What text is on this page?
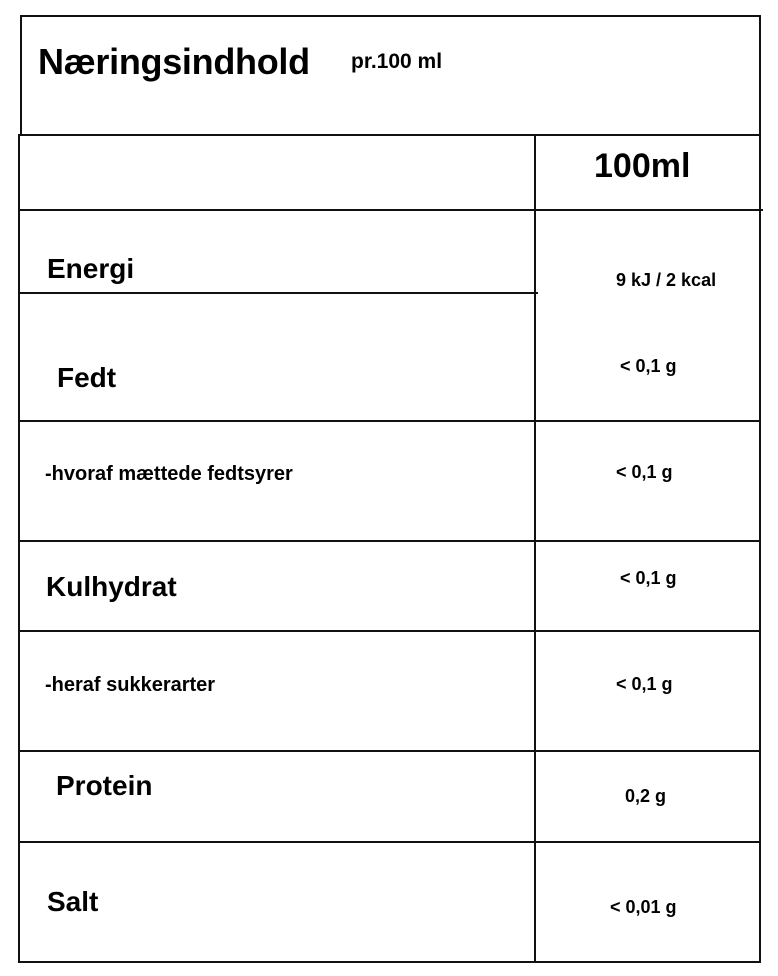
Næringsindhold pr.100 ml
100ml
Energi
Fedt
-hvoraf mættede fedtsyrer
Kulhydrat
-heraf sukkerarter
Protein
Salt
9 kJ / 2 kcal
< 0,1 g
< 0,1 g
< 0,1 g
< 0,1 g
0,2 g
< 0,01 g
